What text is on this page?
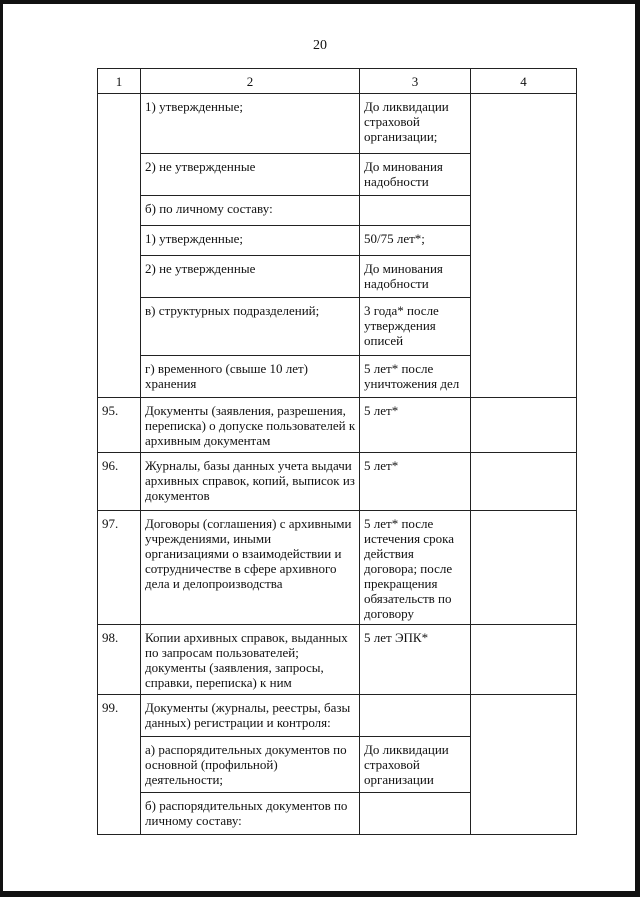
20
1	2	3	4
	1) утвержденные;	До ликвидации страховой организации;	
	2) не утвержденные	До минования надобности	
	б) по личному составу:		
	1) утвержденные;	50/75 лет*;	
	2) не утвержденные	До минования надобности	
	в) структурных подразделений;	3 года* после утверждения описей	
	г) временного (свыше 10 лет) хранения	5 лет* после уничтожения дел	
95.	Документы (заявления, разрешения, переписка) о допуске пользователей к архивным документам	5 лет*	
96.	Журналы, базы данных учета выдачи архивных справок, копий, выписок из документов	5 лет*	
97.	Договоры (соглашения) с архивными учреждениями, иными организациями о взаимодействии и сотрудничестве в сфере архивного дела и делопроизводства	5 лет* после истечения срока действия договора; после прекращения обязательств по договору	
98.	Копии архивных справок, выданных по запросам пользователей; документы (заявления, запросы, справки, переписка) к ним	5 лет ЭПК*	
99.	Документы (журналы, реестры, базы данных) регистрации и контроля:		
	а) распорядительных документов по основной (профильной) деятельности;	До ликвидации страховой организации	
	б) распорядительных документов по личному составу:		
